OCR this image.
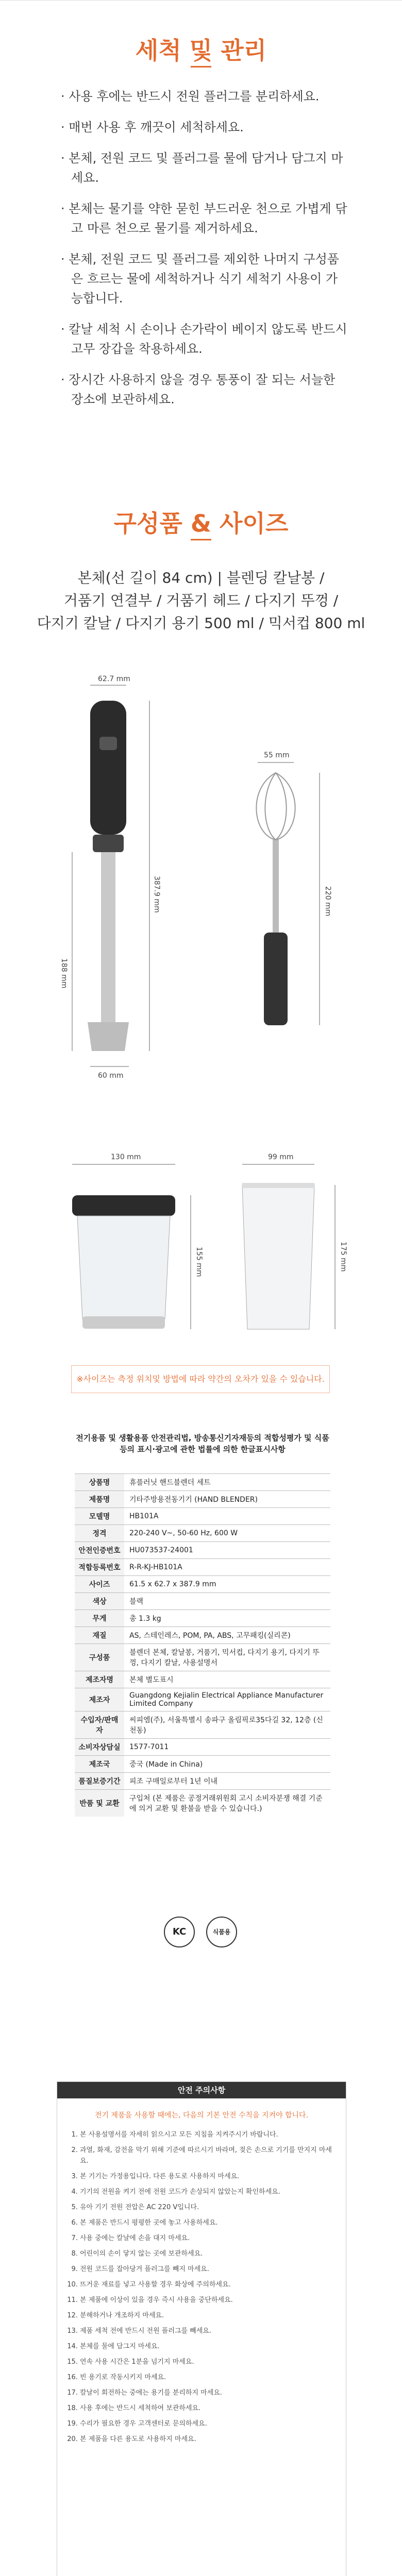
세척 및 관리
· 사용 후에는 반드시 전원 플러그를 분리하세요.
· 매번 사용 후 깨끗이 세척하세요.
· 본체, 전원 코드 및 플러그를 물에 담거나 담그지 마세요.
· 본체는 물기를 약한 묻힌 부드러운 천으로 가볍게 닦고 마른 천으로 물기를 제거하세요.
· 본체, 전원 코드 및 플러그를 제외한 나머지 구성품은 흐르는 물에 세척하거나 식기 세척기 사용이 가능합니다.
· 칼날 세척 시 손이나 손가락이 베이지 않도록 반드시 고무 장갑을 착용하세요.
· 장시간 사용하지 않을 경우 통풍이 잘 되는 서늘한 장소에 보관하세요.
구성품 & 사이즈
본체(선 길이 84 cm) | 블렌딩 칼날봉 /
거품기 연결부 / 거품기 헤드 / 다지기 뚜껑 /
다지기 칼날 / 다지기 용기 500 ml / 믹서컵 800 ml
62.7 mm
387.9 mm
188 mm
60 mm
55 mm
220 mm
130 mm
155 mm
99 mm
175 mm
※사이즈는 측정 위치및 방법에 따라 약간의 오차가 있을 수 있습니다.
전기용품 및 생활용품 안전관리법, 방송통신기자재등의 적합성평가 및 식품 등의 표시·광고에 관한 법률에 의한 한글표시사항
상품명	휴플러닛 핸드블렌더 세트
제품명	기타주방용전동기기 (HAND BLENDER)
모델명	HB101A
정격	220-240 V~, 50-60 Hz, 600 W
안전인증번호	HU073537-24001
적합등록번호	R-R-KJ-HB101A
사이즈	61.5 x 62.7 x 387.9 mm
색상	블랙
무게	총 1.3 kg
재질	AS, 스테인레스, POM, PA, ABS, 고무패킹(실리콘)
구성품	블렌더 본체, 칼날봉, 거품기, 믹서컵, 다지기 용기, 다지기 뚜껑, 다지기 칼날, 사용설명서
제조자명	본체 별도표시
제조자	Guangdong Kejialin Electrical Appliance Manufacturer Limited Company
수입자/판매자	씨피엠(주), 서울특별시 송파구 올림픽로35다길 32, 12층 (신천동)
소비자상담실	1577-7011
제조국	중국 (Made in China)
품질보증기간	피조 구매일로부터 1년 이내
반품 및 교환	구입처 (본 제품은 공정거래위원회 고시 소비자분쟁 해결 기준에 의거 교환 및 환불을 받을 수 있습니다.)
KC	식품용
안전 주의사항
전기 제품을 사용할 때에는, 다음의 기본 안전 수칙을 지켜야 합니다.
1. 본 사용설명서를 자세히 읽으시고 모든 지침을 지켜주시기 바랍니다.
2. 과열, 화재, 감전을 막기 위해 기준에 따르시기 바라며, 젖은 손으로 기기를 만지지 마세요.
3. 본 기기는 가정용입니다. 다른 용도로 사용하지 마세요.
4. 기기의 전원을 켜기 전에 전원 코드가 손상되지 않았는지 확인하세요.
5. 유아 기기 전원 전압은 AC 220 V입니다.
6. 본 제품은 반드시 평평한 곳에 놓고 사용하세요.
7. 사용 중에는 칼날에 손을 대지 마세요.
8. 어린이의 손이 닿지 않는 곳에 보관하세요.
9. 전원 코드를 잡아당겨 플러그를 빼지 마세요.
10. 뜨거운 재료를 넣고 사용할 경우 화상에 주의하세요.
11. 본 제품에 이상이 있을 경우 즉시 사용을 중단하세요.
12. 분해하거나 개조하지 마세요.
13. 제품 세척 전에 반드시 전원 플러그를 빼세요.
14. 본체를 물에 담그지 마세요.
15. 연속 사용 시간은 1분을 넘기지 마세요.
16. 빈 용기로 작동시키지 마세요.
17. 칼날이 회전하는 중에는 용기를 분리하지 마세요.
18. 사용 후에는 반드시 세척하여 보관하세요.
19. 수리가 필요한 경우 고객센터로 문의하세요.
20. 본 제품을 다른 용도로 사용하지 마세요.
